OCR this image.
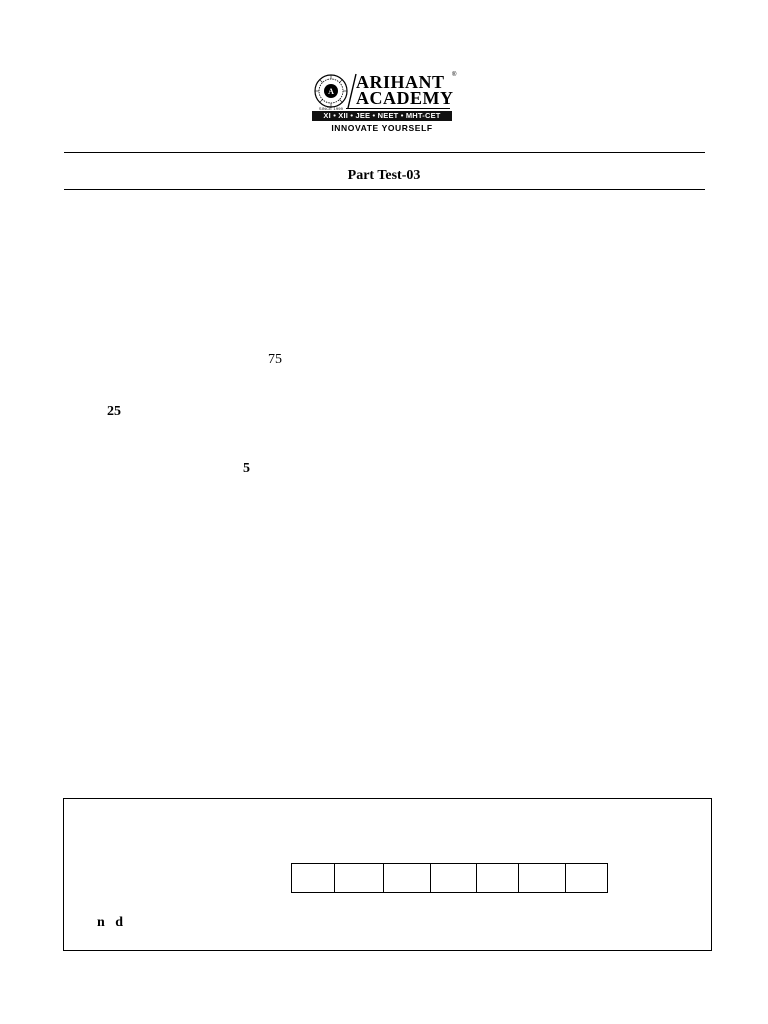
A
SINCE 1999
ARIHANT
ACADEMY
®
XI • XII • JEE • NEET • MHT-CET
INNOVATE YOURSELF
Part Test-03
75
25
5
n   d
